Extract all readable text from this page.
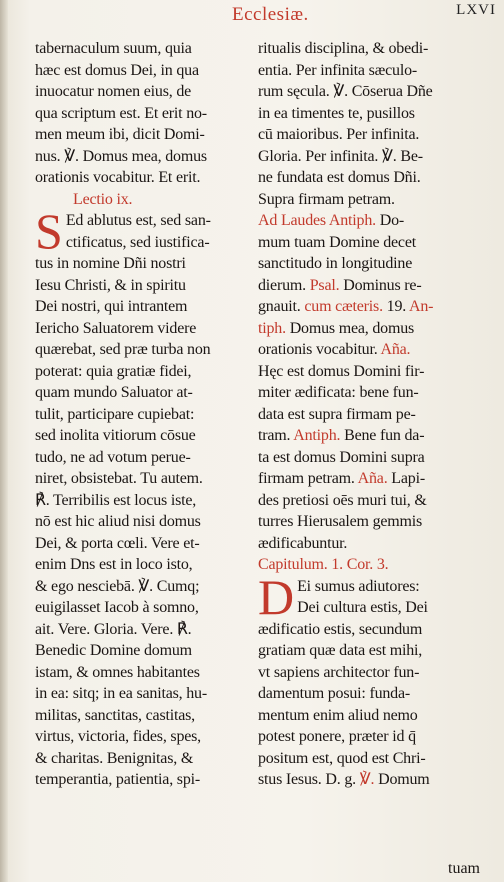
Ecclesiæ.	LXVI
tabernaculum suum, quia
hæc est domus Dei, in qua
inuocatur nomen eius, de
qua scriptum est. Et erit no-
men meum ibi, dicit Domi-
nus. ℣. Domus mea, domus
orationis vocabitur. Et erit.
Lectio ix.
S Ed ablutus est, sed san-
ctificatus, sed iustifica-
tus in nomine Dñi nostri
Iesu Christi, & in spiritu
Dei nostri, qui intrantem
Iericho Saluatorem videre
quærebat, sed præ turba non
poterat: quia gratiæ fidei,
quam mundo Saluator at-
tulit, participare cupiebat:
sed inolita vitiorum cōsue
tudo, ne ad votum perue-
niret, obsistebat. Tu autem.
℟. Terribilis est locus iste,
nō est hic aliud nisi domus
Dei, & porta cœli. Vere et-
enim Dns est in loco isto,
& ego nesciebā. ℣. Cumq;
euigilasset Iacob à somno,
ait. Vere. Gloria. Vere. ℟.
Benedic Domine domum
istam, & omnes habitantes
in ea: sitq; in ea sanitas, hu-
militas, sanctitas, castitas,
virtus, victoria, fides, spes,
& charitas. Benignitas, &
temperantia, patientia, spi-
ritualis disciplina, & obedi-
entia. Per infinita sæculo-
rum sęcula. ℣. Cōserua Dñe
in ea timentes te, pusillos
cū maioribus. Per infinita.
Gloria. Per infinita. ℣. Be-
ne fundata est domus Dñi.
Supra firmam petram.
Ad Laudes Antiph. Do-
mum tuam Domine decet
sanctitudo in longitudine
dierum. Psal. Dominus re-
gnauit. cum cæteris. 19. An-
tiph. Domus mea, domus
orationis vocabitur. Aña.
Hęc est domus Domini fir-
miter ædificata: bene fun-
data est supra firmam pe-
tram. Antiph. Bene fun da-
ta est domus Domini supra
firmam petram. Aña. Lapi-
des pretiosi oēs muri tui, &
turres Hierusalem gemmis
ædificabuntur.
Capitulum. 1. Cor. 3.
D Ei sumus adiutores:
Dei cultura estis, Dei
ædificatio estis, secundum
gratiam quæ data est mihi,
vt sapiens architector fun-
damentum posui: funda-
mentum enim aliud nemo
potest ponere, præter id q̄
positum est, quod est Chri-
stus Iesus. D. g. ℣. Domum
tuam
